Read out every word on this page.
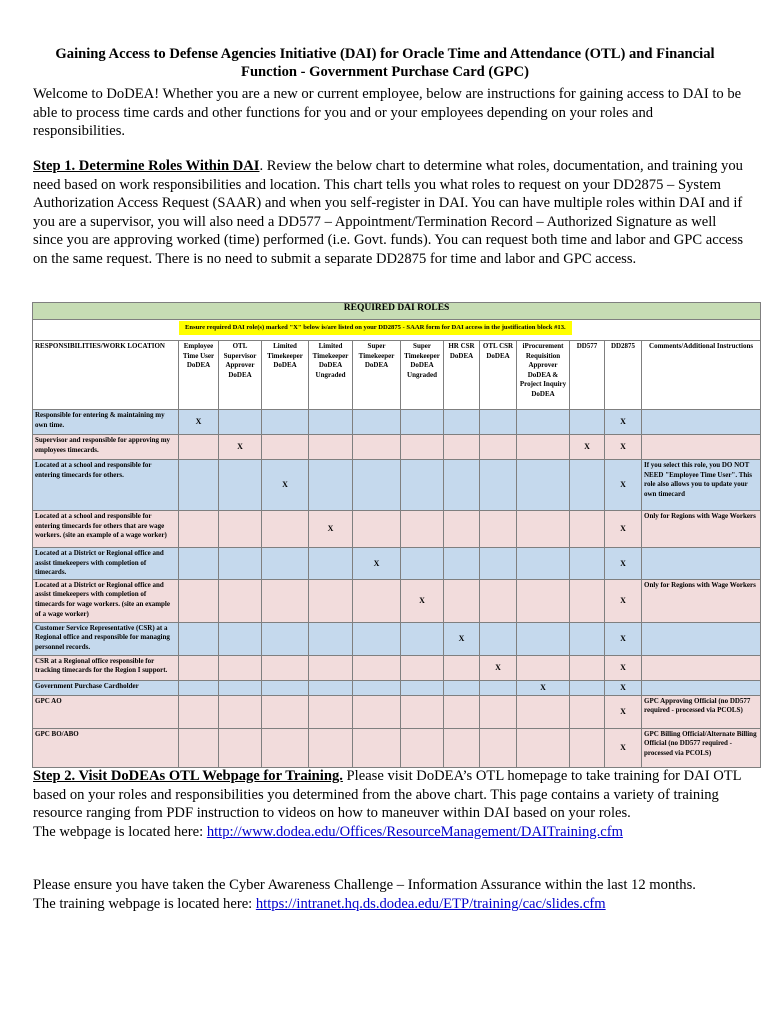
Gaining Access to Defense Agencies Initiative (DAI) for Oracle Time and Attendance (OTL) and Financial Function - Government Purchase Card (GPC)

Welcome to DoDEA! Whether you are a new or current employee, below are instructions for gaining access to DAI to be able to process time cards and other functions for you and or your employees depending on your roles and responsibilities.

Step 1. Determine Roles Within DAI. Review the below chart to determine what roles, documentation, and training you need based on work responsibilities and location. This chart tells you what roles to request on your DD2875 – System Authorization Access Request (SAAR) and when you self-register in DAI. You can have multiple roles within DAI and if you are a supervisor, you will also need a DD577 – Appointment/Termination Record – Authorized Signature as well since you are approving worked (time) performed (i.e. Govt. funds). You can request both time and labor and GPC access on the same request. There is no need to submit a separate DD2875 for time and labor and GPC access.

REQUIRED DAI ROLES												
Ensure required DAI role(s) marked "X" below is/are listed on your DD2875 - SAAR form for DAI access in the justification block #13.												
RESPONSIBILITIES/WORK LOCATION	Employee Time User DoDEA	OTL Supervisor Approver DoDEA	Limited Timekeeper DoDEA	Limited Timekeeper DoDEA Ungraded	Super Timekeeper DoDEA	Super Timekeeper DoDEA Ungraded	HR CSR DoDEA	OTL CSR DoDEA	iProcurement Requisition Approver DoDEA & Project Inquiry DoDEA	DD577	DD2875	Comments/Additional Instructions
Responsible for entering & maintaining my own time.	X										X	
Supervisor and responsible for approving my employees timecards.		X								X	X	
Located at a school and responsible for entering timecards for others.			X								X	If you select this role, you DO NOT NEED "Employee Time User". This role also allows you to update your own timecard
Located at a school and responsible for entering timecards for others that are wage workers. (site an example of a wage worker)				X							X	Only for Regions with Wage Workers
Located at a District or Regional office and assist timekeepers with completion of timecards.					X						X	
Located at a District or Regional office and assist timekeepers with completion of timecards for wage workers. (site an example of a wage worker)						X					X	Only for Regions with Wage Workers
Customer Service Representative (CSR) at a Regional office and responsible for managing personnel records.							X				X	
CSR at a Regional office responsible for tracking timecards for the Region I support.								X			X	
Government Purchase Cardholder									X		X	
GPC AO											X	GPC Approving Official (no DD577 required - processed via PCOLS)
GPC BO/ABO											X	GPC Billing Official/Alternate Billing Official (no DD577 required - processed via PCOLS)

Step 2. Visit DoDEAs OTL Webpage for Training. Please visit DoDEA’s OTL homepage to take training for DAI OTL based on your roles and responsibilities you determined from the above chart. This page contains a variety of training resource ranging from PDF instruction to videos on how to maneuver within DAI based on your roles.
The webpage is located here: http://www.dodea.edu/Offices/ResourceManagement/DAITraining.cfm

Please ensure you have taken the Cyber Awareness Challenge – Information Assurance within the last 12 months.
The training webpage is located here: https://intranet.hq.ds.dodea.edu/ETP/training/cac/slides.cfm
